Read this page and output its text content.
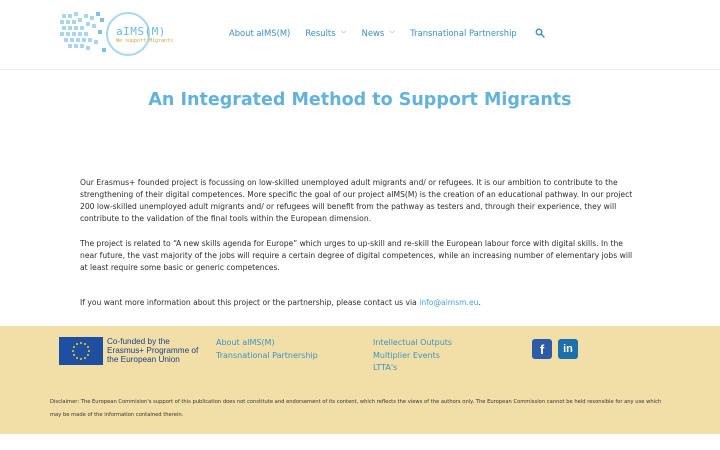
aIMS(M)
We support Migrants
About aIMS(M) Results ﹀ News ﹀ Transnational Partnership
An Integrated Method to Support Migrants

Our Erasmus+ founded project is focussing on low-skilled unemployed adult migrants and/ or refugees. It is our ambition to contribute to the strengthening of their digital competences. More specific the goal of our project aIMS(M) is the creation of an educational pathway. In our project 200 low-skilled unemployed adult migrants and/ or refugees will benefit from the pathway as testers and, through their experience, they will contribute to the validation of the final tools within the European dimension.

The project is related to “A new skills agenda for Europe” which urges to up-skill and re-skill the European labour force with digital skills. In the near future, the vast majority of the jobs will require a certain degree of digital competences, while an increasing number of elementary jobs will at least require some basic or generic competences.

If you want more information about this project or the partnership, please contact us via info@aimsm.eu.

Co-funded by the Erasmus+ Programme of the European Union
About aIMS(M)
Transnational Partnership
Intellectual Outputs
Multiplier Events
LTTA's
f	in
Disclaimer: The European Commision's support of this publication does not constitute and endorsement of its content, which reflects the views of the authors only. The European Commission cannot be held resonsible for any use which may be made of the information contained therein.
